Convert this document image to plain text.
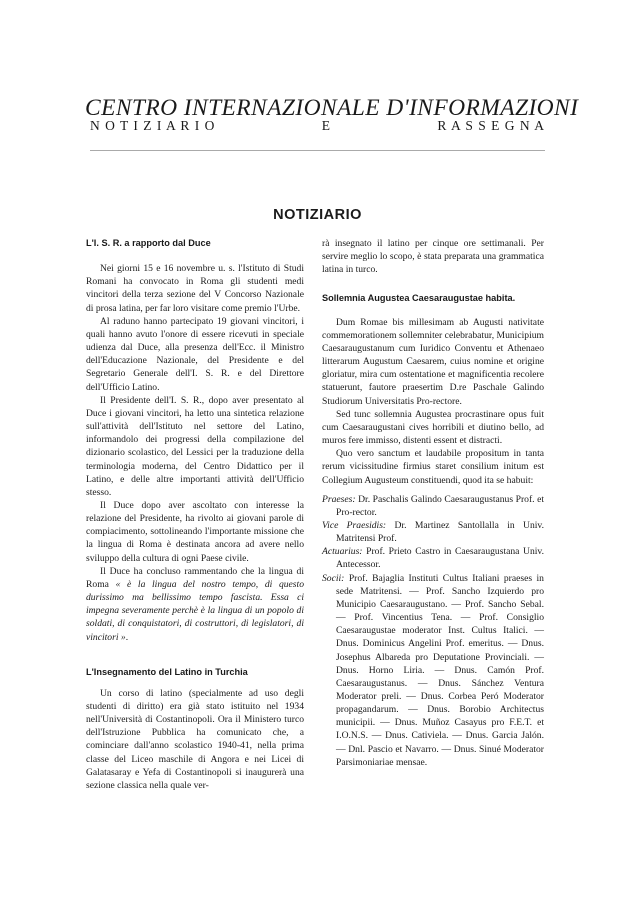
CENTRO INTERNAZIONALE D'INFORMAZIONI
N O T I Z I A R I O	E	R A S S E G N A
NOTIZIARIO
L'I. S. R. a rapporto dal Duce

Nei giorni 15 e 16 novembre u. s. l'Istituto di Studi Romani ha convocato in Roma gli studenti medi vincitori della terza sezione del V Concorso Nazionale di prosa latina, per far loro visitare come premio l'Urbe.

Al raduno hanno partecipato 19 giovani vincitori, i quali hanno avuto l'onore di essere ricevuti in speciale udienza dal Duce, alla presenza dell'Ecc. il Ministro dell'Educazione Nazionale, del Presidente e del Segretario Generale dell'I. S. R. e del Direttore dell'Ufficio Latino.

Il Presidente dell'I. S. R., dopo aver presentato al Duce i giovani vincitori, ha letto una sintetica relazione sull'attività dell'Istituto nel settore del Latino, informandolo dei progressi della compilazione del dizionario scolastico, del Lessici per la traduzione della terminologia moderna, del Centro Didattico per il Latino, e delle altre importanti attività dell'Ufficio stesso.

Il Duce dopo aver ascoltato con interesse la relazione del Presidente, ha rivolto ai giovani parole di compiacimento, sottolineando l'importante missione che la lingua di Roma è destinata ancora ad avere nello sviluppo della cultura di ogni Paese civile.

Il Duce ha concluso rammentando che la lingua di Roma « è la lingua del nostro tempo, di questo durissimo ma bellissimo tempo fascista. Essa ci impegna severamente perchè è la lingua di un popolo di soldati, di conquistatori, di costruttori, di legislatori, di vincitori ».

L'Insegnamento del Latino in Turchia

Un corso di latino (specialmente ad uso degli studenti di diritto) era già stato istituito nel 1934 nell'Università di Costantinopoli. Ora il Ministero turco dell'Istruzione Pubblica ha comunicato che, a cominciare dall'anno scolastico 1940-41, nella prima classe del Liceo maschile di Angora e nei Licei di Galatasaray e Yefa di Costantinopoli si inaugurerà una sezione classica nella quale ver-

rà insegnato il latino per cinque ore settimanali. Per servire meglio lo scopo, è stata preparata una grammatica latina in turco.

Sollemnia Augustea Caesaraugustae habita.

Dum Romae bis millesimam ab Augusti nativitate commemorationem sollemniter celebrabatur, Municipium Caesaraugustanum cum Iuridico Conventu et Athenaeo litterarum Augustum Caesarem, cuius nomine et origine gloriatur, mira cum ostentatione et magnificentia recolere statuerunt, fautore praesertim D.re Paschale Galindo Studiorum Universitatis Pro-rectore.

Sed tunc sollemnia Augustea procrastinare opus fuit cum Caesaraugustani cives horribili et diutino bello, ad muros fere immisso, distenti essent et distracti.

Quo vero sanctum et laudabile propositum in tanta rerum vicissitudine firmius staret consilium initum est Collegium Augusteum constituendi, quod ita se habuit:

Praeses: Dr. Paschalis Galindo Caesaraugustanus Prof. et Pro-rector.

Vice Praesidis: Dr. Martinez Santollalla in Univ. Matritensi Prof.

Actuarius: Prof. Prieto Castro in Caesaraugustana Univ. Antecessor.

Socii: Prof. Bajaglia Instituti Cultus Italiani praeses in sede Matritensi. — Prof. Sancho Izquierdo pro Municipio Caesaraugustano. — Prof. Sancho Sebal. — Prof. Vincentius Tena. — Prof. Consiglio Caesaraugustae moderator Inst. Cultus Italici. — Dnus. Dominicus Angelini Prof. emeritus. — Dnus. Josephus Albareda pro Deputatione Provinciali. — Dnus. Horno Liria. — Dnus. Camón Prof. Caesaraugustanus. — Dnus. Sánchez Ventura Moderator preli. — Dnus. Corbea Peró Moderator propagandarum. — Dnus. Borobio Architectus municipii. — Dnus. Muñoz Casayus pro F.E.T. et I.O.N.S. — Dnus. Cativiela. — Dnus. Garcia Jalón. — Dnl. Pascio et Navarro. — Dnus. Sinué Moderator Parsimoniariae mensae.
